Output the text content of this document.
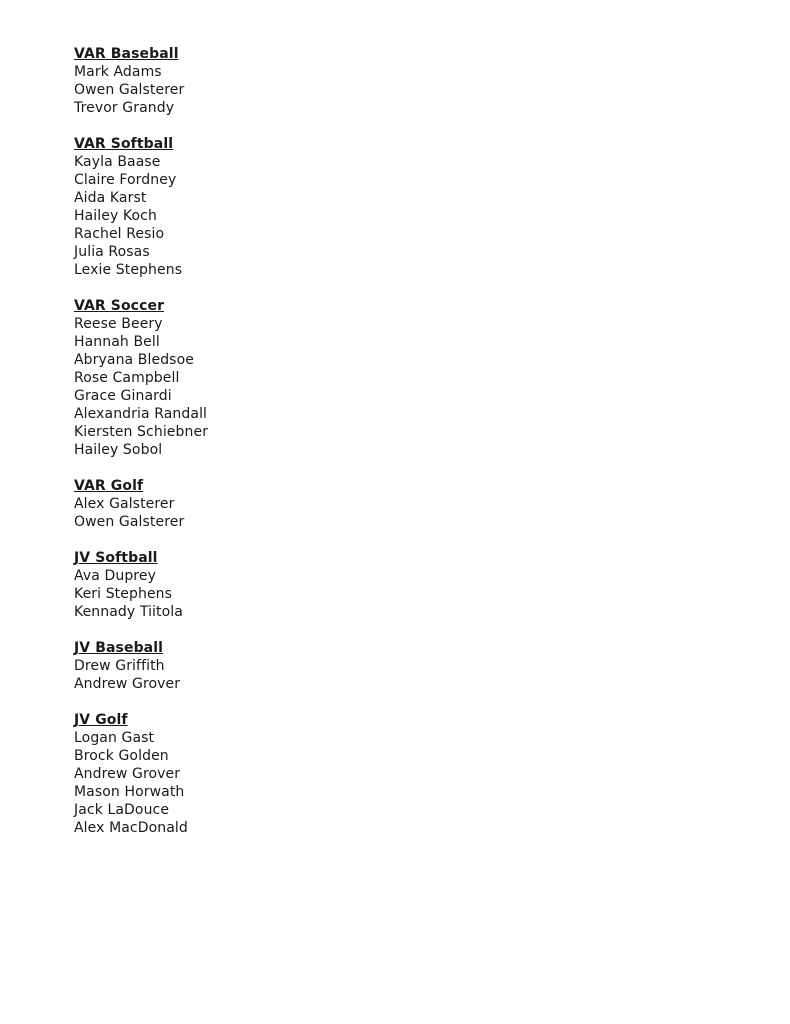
VAR Baseball
Mark Adams
Owen Galsterer
Trevor Grandy
VAR Softball
Kayla Baase
Claire Fordney
Aida Karst
Hailey Koch
Rachel Resio
Julia Rosas
Lexie Stephens
VAR Soccer
Reese Beery
Hannah Bell
Abryana Bledsoe
Rose Campbell
Grace Ginardi
Alexandria Randall
Kiersten Schiebner
Hailey Sobol
VAR Golf
Alex Galsterer
Owen Galsterer
JV Softball
Ava Duprey
Keri Stephens
Kennady Tiitola
JV Baseball
Drew Griffith
Andrew Grover
JV Golf
Logan Gast
Brock Golden
Andrew Grover
Mason Horwath
Jack LaDouce
Alex MacDonald
